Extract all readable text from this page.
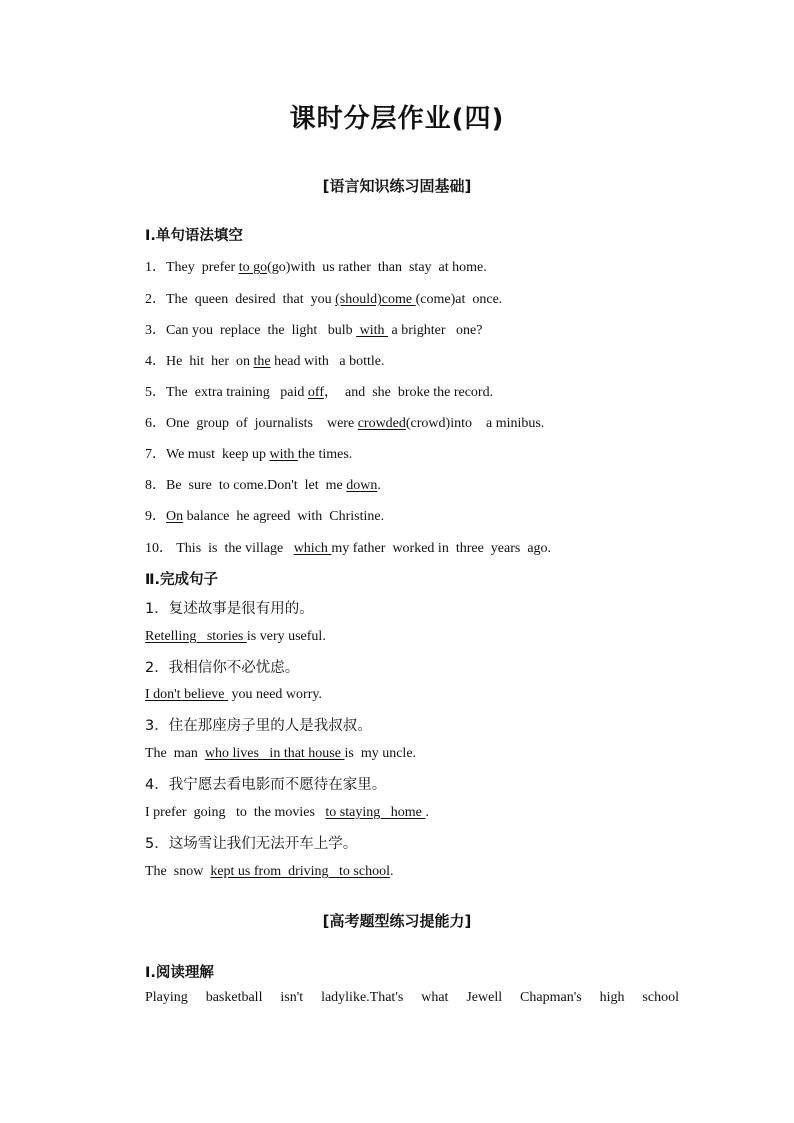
课时分层作业(四)
[语言知识练习固基础]
Ⅰ.单句语法填空
1．They  prefer to go(go)with  us rather  than  stay  at home.
2．The  queen  desired  that  you (should)come (come)at  once.
3．Can you  replace  the  light   bulb  with  a brighter   one?
4．He  hit  her  on the head with   a bottle.
5．The  extra training   paid off，  and  she  broke the record.
6．One  group  of  journalists    were crowded(crowd)into    a minibus.
7．We must  keep up with the times.
8．Be  sure  to come.Don't  let  me down.
9．On balance  he agreed  with  Christine.
10． This  is  the village   which my father  worked in  three  years  ago.
Ⅱ.完成句子
1．复述故事是很有用的。
Retelling   stories is very useful.
2．我相信你不必忧虑。
I don't believe  you need worry.
3．住在那座房子里的人是我叔叔。
The  man  who lives   in that house is  my uncle.
4．我宁愿去看电影而不愿待在家里。
I prefer  going   to  the movies   to staying   home .
5．这场雪让我们无法开车上学。
The  snow  kept us from  driving   to school.
[高考题型练习提能力]
Ⅰ.阅读理解
Playing basketball isn't ladylike.That's what Jewell Chapman's high school
